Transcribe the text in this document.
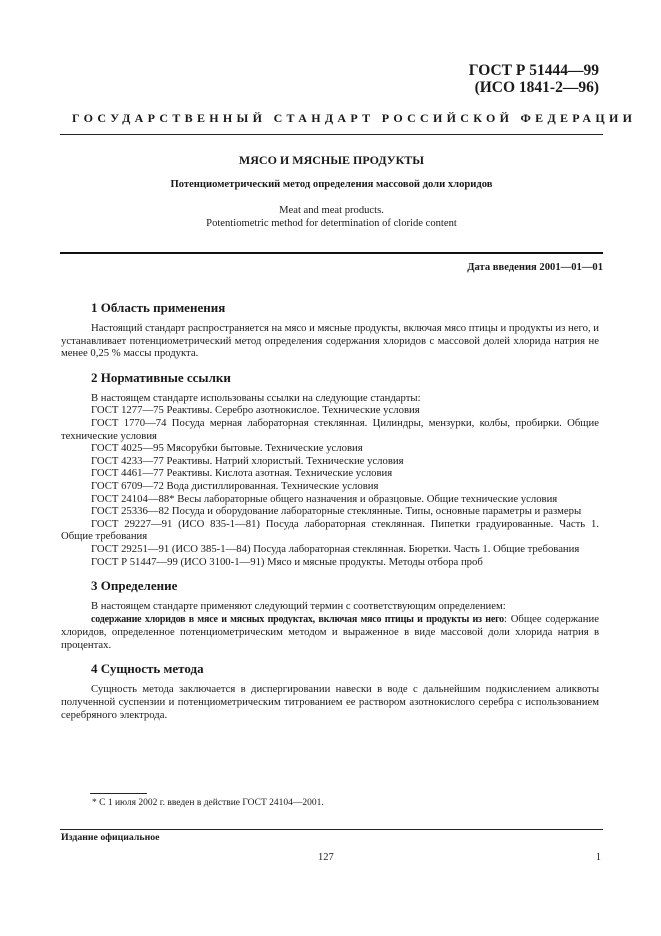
ГОСТ Р 51444—99
(ИСО 1841-2—96)
ГОСУДАРСТВЕННЫЙ СТАНДАРТ РОССИЙСКОЙ ФЕДЕРАЦИИ
МЯСО И МЯСНЫЕ ПРОДУКТЫ
Потенциометрический метод определения массовой доли хлоридов
Meat and meat products.
Potentiometric method for determination of cloride content
Дата введения 2001—01—01
1 Область применения

Настоящий стандарт распространяется на мясо и мясные продукты, включая мясо птицы и продукты из него, и устанавливает потенциометрический метод определения содержания хлоридов с массовой долей хлорида натрия не менее 0,25 % массы продукта.

2 Нормативные ссылки

В настоящем стандарте использованы ссылки на следующие стандарты:

ГОСТ 1277—75 Реактивы. Серебро азотнокислое. Технические условия

ГОСТ 1770—74 Посуда мерная лабораторная стеклянная. Цилиндры, мензурки, колбы, пробирки. Общие технические условия

ГОСТ 4025—95 Мясорубки бытовые. Технические условия

ГОСТ 4233—77 Реактивы. Натрий хлористый. Технические условия

ГОСТ 4461—77 Реактивы. Кислота азотная. Технические условия

ГОСТ 6709—72 Вода дистиллированная. Технические условия

ГОСТ 24104—88* Весы лабораторные общего назначения и образцовые. Общие технические условия

ГОСТ 25336—82 Посуда и оборудование лабораторные стеклянные. Типы, основные параметры и размеры

ГОСТ 29227—91 (ИСО 835-1—81) Посуда лабораторная стеклянная. Пипетки градуированные. Часть 1. Общие требования

ГОСТ 29251—91 (ИСО 385-1—84) Посуда лабораторная стеклянная. Бюретки. Часть 1. Общие требования

ГОСТ Р 51447—99 (ИСО 3100-1—91) Мясо и мясные продукты. Методы отбора проб

3 Определение

В настоящем стандарте применяют следующий термин с соответствующим определением:

содержание хлоридов в мясе и мясных продуктах, включая мясо птицы и продукты из него: Общее содержание хлоридов, определенное потенциометрическим методом и выраженное в виде массовой доли хлорида натрия в процентах.

4 Сущность метода

Сущность метода заключается в диспергировании навески в воде с дальнейшим подкислением аликвоты полученной суспензии и потенциометрическим титрованием ее раствором азотнокислого серебра с использованием серебряного электрода.

* С 1 июля 2002 г. введен в действие ГОСТ 24104—2001.
Издание официальное
127	1
